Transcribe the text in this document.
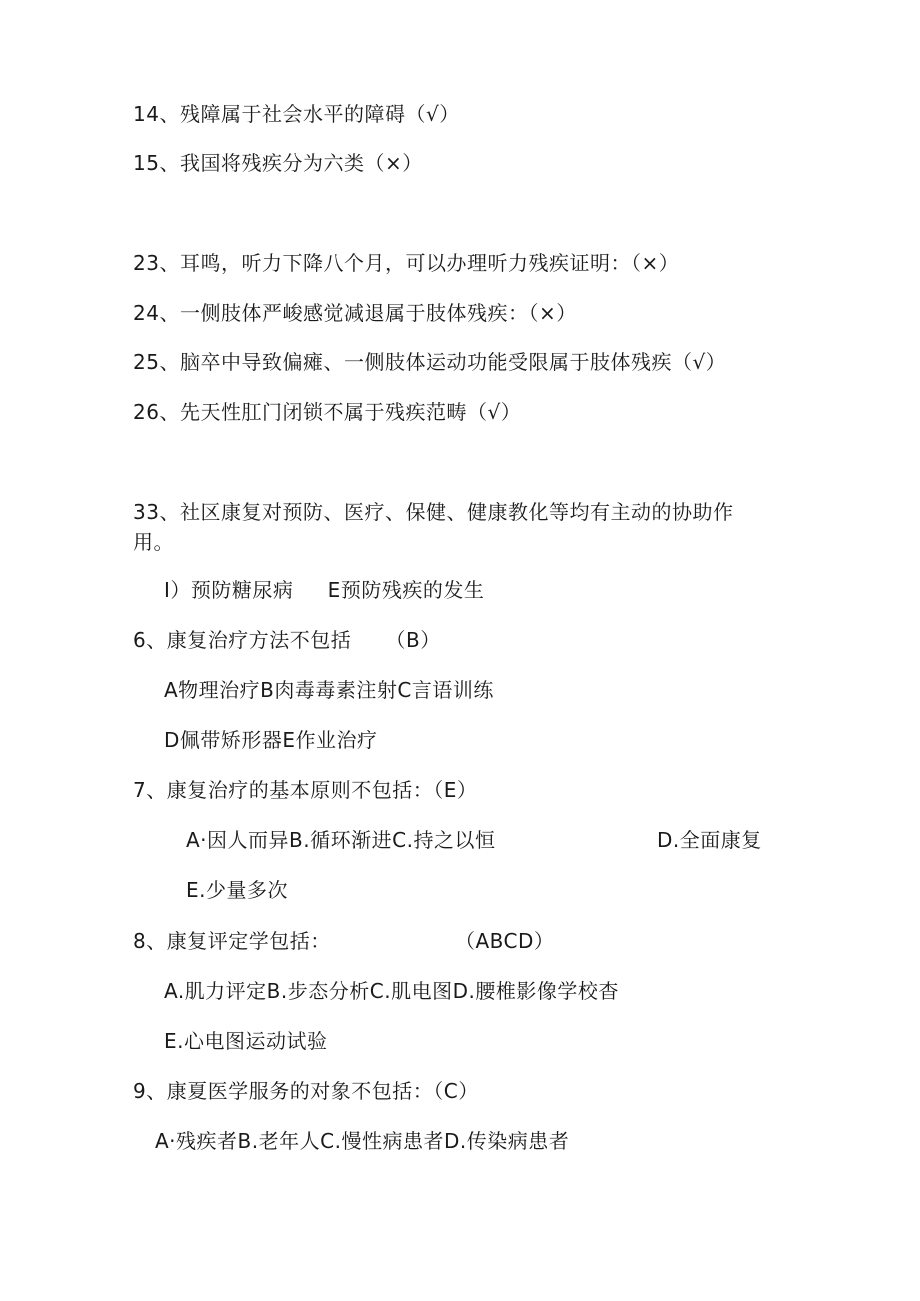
14、残障属于社会水平的障碍（√）
15、我国将残疾分为六类（×）
23、耳鸣，听力下降八个月，可以办理听力残疾证明：（×）
24、一侧肢体严峻感觉减退属于肢体残疾：（×）
25、脑卒中导致偏瘫、一侧肢体运动功能受限属于肢体残疾（√）
26、先天性肛门闭锁不属于残疾范畴（√）
33、社区康复对预防、医疗、保健、健康教化等均有主动的协助作用。
I）预防糖尿病     E预防残疾的发生
6、康复治疗方法不包括     （B）
A物理治疗B肉毒毒素注射C言语训练
D佩带矫形器E作业治疗
7、康复治疗的基本原则不包括：（E）
A·因人而异B.循环渐进C.持之以恒	D.全面康复
E.少量多次
8、康复评定学包括：	（ABCD）
A.肌力评定B.步态分析C.肌电图D.腰椎影像学校杳
E.心电图运动试验
9、康夏医学服务的对象不包括：（C）
A·残疾者B.老年人C.慢性病患者D.传染病患者
